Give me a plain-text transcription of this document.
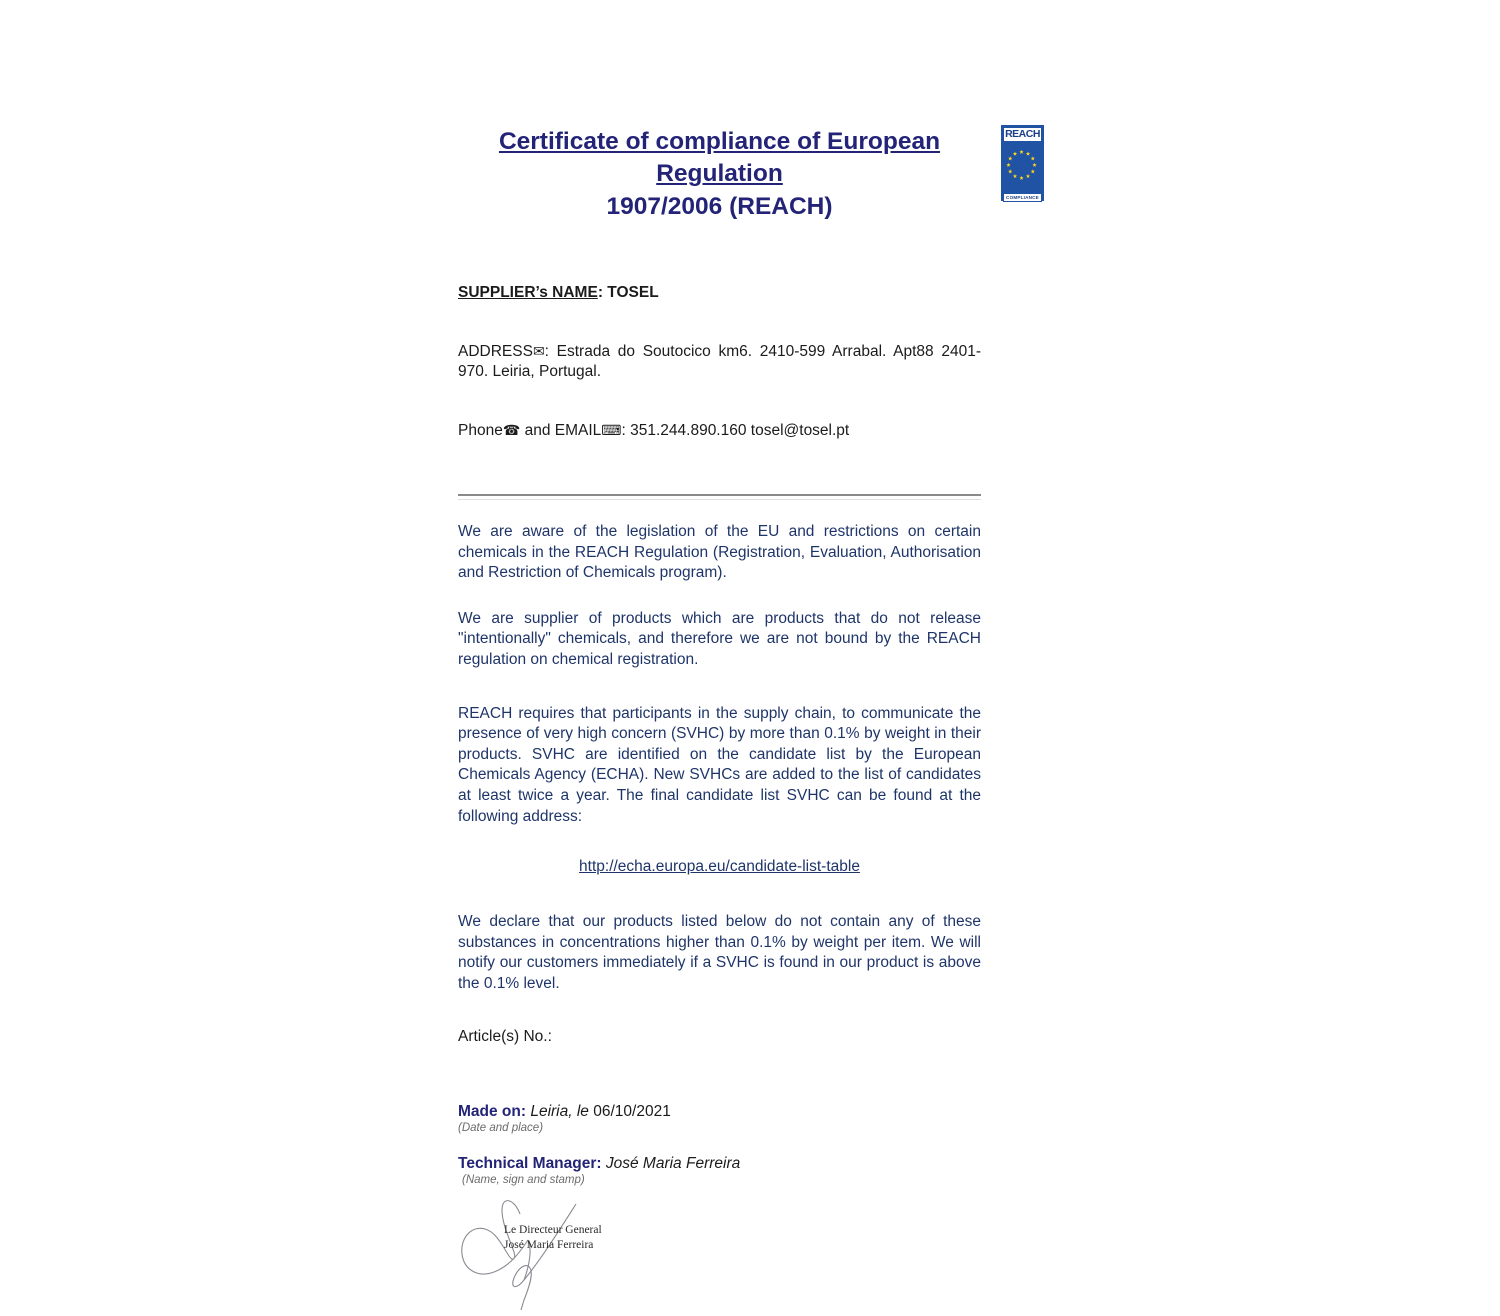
Certificate of compliance of European Regulation
1907/2006 (REACH)

SUPPLIER’s NAME: TOSEL

ADDRESS✉: Estrada do Soutocico km6. 2410-599 Arrabal. Apt88 2401-970. Leiria, Portugal.

Phone☎ and EMAIL⌨: 351.244.890.160 tosel@tosel.pt

We are aware of the legislation of the EU and restrictions on certain chemicals in the REACH Regulation (Registration, Evaluation, Authorisation and Restriction of Chemicals program).
We are supplier of products which are products that do not release "intentionally" chemicals, and therefore we are not bound by the REACH regulation on chemical registration.
REACH requires that participants in the supply chain, to communicate the presence of very high concern (SVHC) by more than 0.1% by weight in their products. SVHC are identified on the candidate list by the European Chemicals Agency (ECHA). New SVHCs are added to the list of candidates at least twice a year. The final candidate list SVHC can be found at the following address:
http://echa.europa.eu/candidate-list-table
We declare that our products listed below do not contain any of these substances in concentrations higher than 0.1% by weight per item. We will notify our customers immediately if a SVHC is found in our product is above the 0.1% level.
Article(s) No.:
Made on: Leiria, le 06/10/2021
(Date and place)
Technical Manager: José Maria Ferreira
(Name, sign and stamp)
Le Directeur General
José Maria Ferreira
REACH
COMPLIANCE
